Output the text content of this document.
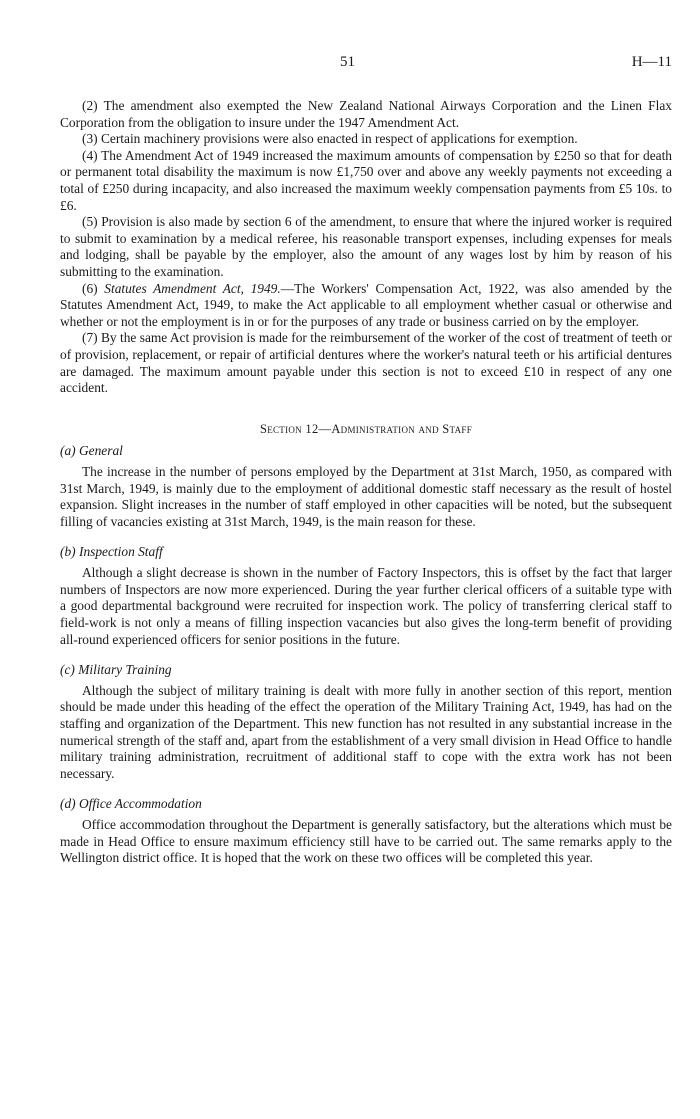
51	H—11

(2) The amendment also exempted the New Zealand National Airways Corporation and the Linen Flax Corporation from the obligation to insure under the 1947 Amendment Act.

(3) Certain machinery provisions were also enacted in respect of applications for exemption.

(4) The Amendment Act of 1949 increased the maximum amounts of compensation by £250 so that for death or permanent total disability the maximum is now £1,750 over and above any weekly payments not exceeding a total of £250 during incapacity, and also increased the maximum weekly compensation payments from £5 10s. to £6.

(5) Provision is also made by section 6 of the amendment, to ensure that where the injured worker is required to submit to examination by a medical referee, his reasonable transport expenses, including expenses for meals and lodging, shall be payable by the employer, also the amount of any wages lost by him by reason of his submitting to the examination.

(6) Statutes Amendment Act, 1949.—The Workers' Compensation Act, 1922, was also amended by the Statutes Amendment Act, 1949, to make the Act applicable to all employment whether casual or otherwise and whether or not the employment is in or for the purposes of any trade or business carried on by the employer.

(7) By the same Act provision is made for the reimbursement of the worker of the cost of treatment of teeth or of provision, replacement, or repair of artificial dentures where the worker's natural teeth or his artificial dentures are damaged. The maximum amount payable under this section is not to exceed £10 in respect of any one accident.

Section 12—Administration and Staff
(a) General

The increase in the number of persons employed by the Department at 31st March, 1950, as compared with 31st March, 1949, is mainly due to the employment of additional domestic staff necessary as the result of hostel expansion. Slight increases in the number of staff employed in other capacities will be noted, but the subsequent filling of vacancies existing at 31st March, 1949, is the main reason for these.

(b) Inspection Staff

Although a slight decrease is shown in the number of Factory Inspectors, this is offset by the fact that larger numbers of Inspectors are now more experienced. During the year further clerical officers of a suitable type with a good departmental background were recruited for inspection work. The policy of transferring clerical staff to field-work is not only a means of filling inspection vacancies but also gives the long-term benefit of providing all-round experienced officers for senior positions in the future.

(c) Military Training

Although the subject of military training is dealt with more fully in another section of this report, mention should be made under this heading of the effect the operation of the Military Training Act, 1949, has had on the staffing and organization of the Department. This new function has not resulted in any substantial increase in the numerical strength of the staff and, apart from the establishment of a very small division in Head Office to handle military training administration, recruitment of additional staff to cope with the extra work has not been necessary.

(d) Office Accommodation

Office accommodation throughout the Department is generally satisfactory, but the alterations which must be made in Head Office to ensure maximum efficiency still have to be carried out. The same remarks apply to the Wellington district office. It is hoped that the work on these two offices will be completed this year.
